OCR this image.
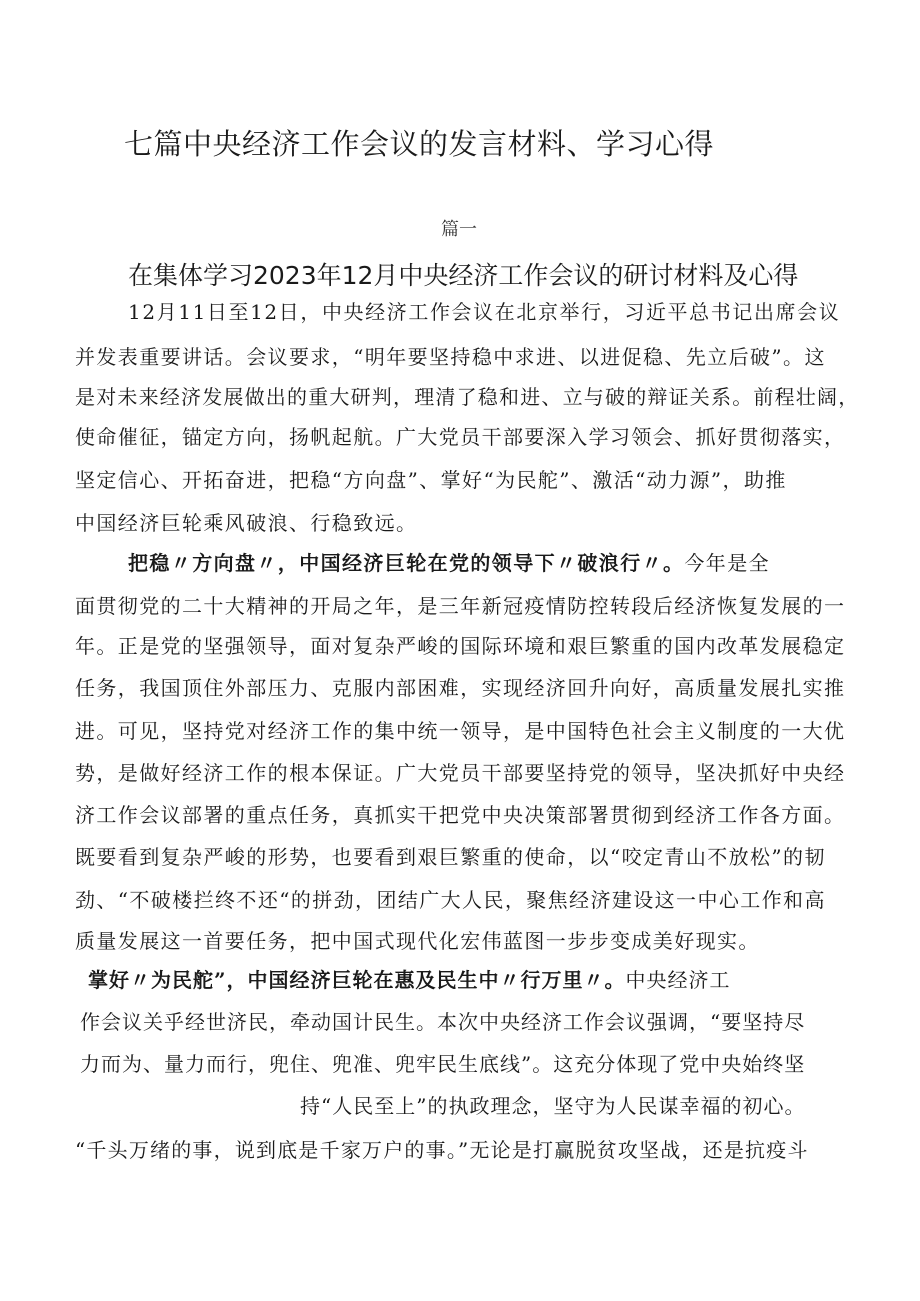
七篇中央经济工作会议的发言材料、学习心得
篇一
在集体学习2023年12月中央经济工作会议的研讨材料及心得
12月11日至12日，中央经济工作会议在北京举行，习近平总书记出席会议
并发表重要讲话。会议要求，“明年要坚持稳中求进、以进促稳、先立后破”。这
是对未来经济发展做出的重大研判，理清了稳和进、立与破的辩证关系。前程壮阔，
使命催征，锚定方向，扬帆起航。广大党员干部要深入学习领会、抓好贯彻落实，
坚定信心、开拓奋进，把稳“方向盘”、掌好“为民舵”、激活“动力源”，助推
中国经济巨轮乘风破浪、行稳致远。
把稳〃方向盘〃，中国经济巨轮在党的领导下〃破浪行〃。今年是全
面贯彻党的二十大精神的开局之年，是三年新冠疫情防控转段后经济恢复发展的一
年。正是党的坚强领导，面对复杂严峻的国际环境和艰巨繁重的国内改革发展稳定
任务，我国顶住外部压力、克服内部困难，实现经济回升向好，高质量发展扎实推
进。可见，坚持党对经济工作的集中统一领导，是中国特色社会主义制度的一大优
势，是做好经济工作的根本保证。广大党员干部要坚持党的领导，坚决抓好中央经
济工作会议部署的重点任务，真抓实干把党中央决策部署贯彻到经济工作各方面。
既要看到复杂严峻的形势，也要看到艰巨繁重的使命，以“咬定青山不放松”的韧
劲、“不破楼拦终不还“的拼劲，团结广大人民，聚焦经济建设这一中心工作和高
质量发展这一首要任务，把中国式现代化宏伟蓝图一步步变成美好现实。
掌好〃为民舵”，中国经济巨轮在惠及民生中〃行万里〃。中央经济工
作会议关乎经世济民，牵动国计民生。本次中央经济工作会议强调，“要坚持尽
力而为、量力而行，兜住、兜准、兜牢民生底线”。这充分体现了党中央始终坚
持“人民至上”的执政理念，坚守为人民谋幸福的初心。
“千头万绪的事，说到底是千家万户的事。”无论是打赢脱贫攻坚战，还是抗疫斗
